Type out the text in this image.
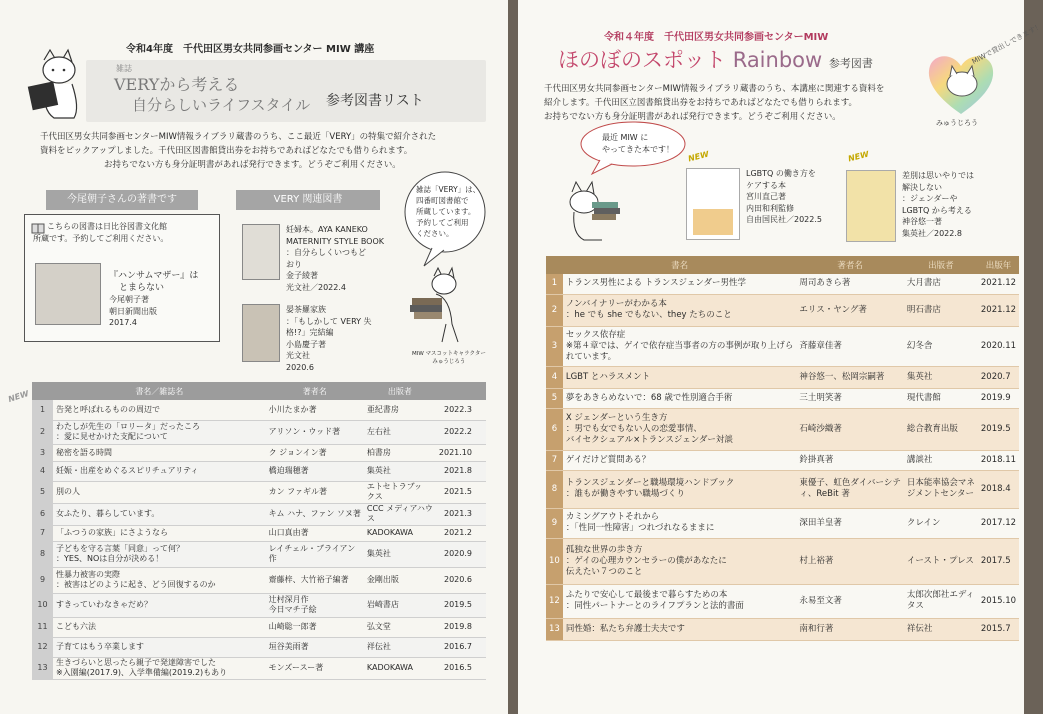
令和4年度　千代田区男女共同参画センター MIW 講座
雑誌
VERYから考える
自分らしいライフスタイル 参考図書リスト
千代田区男女共同参画センターMIW情報ライブラリ蔵書のうち、ここ最近「VERY」の特集で紹介された
資料をピックアップしました。千代田区図書館貸出券をお持ちであればどなたでも借りられます。
お持ちでない方も身分証明書があれば発行できます。どうぞご利用ください。
今尾朝子さんの著書です
こちらの図書は日比谷図書文化館
所蔵です。予約してご利用ください。
『ハンサムマザー』は
とまらない
今尾朝子著
朝日新聞出版
2017.4
VERY 関連図書
妊婦本。AYA KANEKO
MATERNITY STYLE BOOK
：自分らしくいつもど
おり
金子綾著
光文社／2022.4
晏茶羅家族
：「もしかして VERY 失
格!?」完結編
小島慶子著
光文社
2020.6
雑誌「VERY」は、
四番町図書館で
所蔵しています。
予約してご利用
ください。
MIW マスコットキャラクター
みゅうじろう
NEW
		書名／雑誌名	著者名	出版者	
1	告発と呼ばれるものの周辺で	小川たまか著	亜紀書房	2022.3
2	わたしが先生の「ロリータ」だったころ
：愛に見せかけた支配について	アリソン・ウッド著	左右社	2022.2
3	秘密を語る時間	ク ジョンイン著	柏書房	2021.10
4	妊娠・出産をめぐるスピリチュアリティ	橋迫瑞穂著	集英社	2021.8
5	別の人	カン ファギル著	エトセトラブッ
クス	2021.5
6	女ふたり、暮らしています。	キム ハナ、ファン ソヌ著	CCC メディアハウ
ス	2021.3
7	「ふつうの家族」にさようなら	山口真由著	KADOKAWA	2021.2
8	子どもを守る言葉「同意」って何？
：YES、NOは自分が決める！	レイチェル・ブライアン
作	集英社	2020.9
9	性暴力被害の実際
：被害はどのように起き、どう回復するのか	齋藤梓、大竹裕子編著	金剛出版	2020.6
10	すきっていわなきゃだめ？	辻村深月作
今日マチ子絵	岩崎書店	2019.5
11	こども六法	山崎聡一郎著	弘文堂	2019.8
12	子育てはもう卒業します	垣谷美雨著	祥伝社	2016.7
13	生きづらいと思ったら親子で発達障害でした
※入園編(2017.9)、入学準備編(2019.2)もあり	モンズースー著	KADOKAWA	2016.5
令和４年度　千代田区男女共同参画センターMIW
ほのぼのスポット Rainbow 参考図書	MIWで貸出しできます！
みゅうじろう
千代田区男女共同参画センターMIW情報ライブラリ蔵書のうち、本講座に関連する資料を
紹介します。千代田区立図書館貸出券をお持ちであればどなたでも借りられます。
お持ちでない方も身分証明書があれば発行できます。どうぞご利用ください。
最近 MIW に
やってきた本です！
NEW
LGBTQ の働き方を
ケアする本
宮川直己著
内田和利監修
自由国民社／2022.5
NEW
差別は思いやりでは
解決しない
：ジェンダーや
LGBTQ から考える
神谷悠一著
集英社／2022.8
	書名	著者名	出版者	出版年
1	トランス男性による トランスジェンダー男性学	周司あきら著	大月書店	2021.12
2	ノンバイナリーがわかる本
：he でも she でもない、they たちのこと	エリス・ヤング著	明石書店	2021.12
3	セックス依存症
※第４章では、ゲイで依存症当事者の方の事例が取り上げら
れています。	斉藤章佳著	幻冬舎	2020.11
4	LGBT とハラスメント	神谷悠一、松岡宗嗣著	集英社	2020.7
5	夢をあきらめないで：68 歳で性別適合手術	三土明笑著	現代書館	2019.9
6	X ジェンダーという生き方
：男でも女でもない人の恋愛事情、
バイセクシュアル×トランスジェンダー対談	石崎沙織著	総合教育出版	2019.5
7	ゲイだけど質問ある？	鈴掛真著	講談社	2018.11
8	トランスジェンダーと職場環境ハンドブック
：誰もが働きやすい職場づくり	東優子、虹色ダイバーシテ
ィ、ReBit 著	日本能率協会マネ
ジメントセンター	2018.4
9	カミングアウトそれから
：「性同一性障害」つれづれなるままに	深田羊皇著	クレイン	2017.12
10	孤独な世界の歩き方
：ゲイの心理カウンセラーの僕があなたに
伝えたい７つのこと	村上裕著	イースト・プレス	2017.5
12	ふたりで安心して最後まで暮らすための本
：同性パートナーとのライフプランと法的書面	永易至文著	太郎次郎社エディ
タス	2015.10
13	同性婚：私たち弁護士夫夫です	南和行著	祥伝社	2015.7
